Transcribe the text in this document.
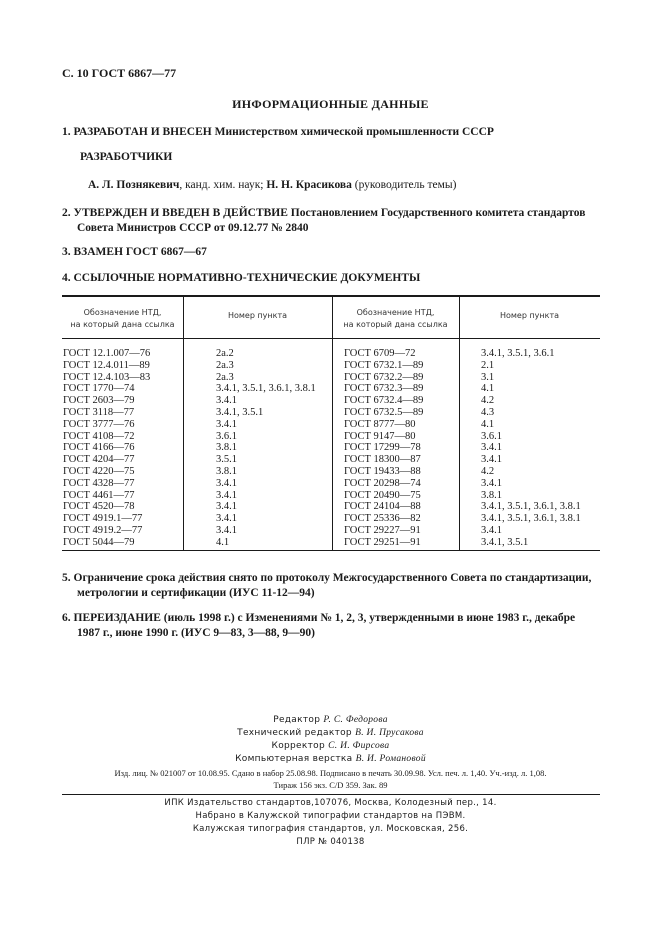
С. 10 ГОСТ 6867—77
ИНФОРМАЦИОННЫЕ ДАННЫЕ
1. РАЗРАБОТАН И ВНЕСЕН Министерством химической промышленности СССР
РАЗРАБОТЧИКИ
А. Л. Познякевич, канд. хим. наук; Н. Н. Красикова (руководитель темы)
2. УТВЕРЖДЕН И ВВЕДЕН В ДЕЙСТВИЕ Постановлением Государственного комитета стандартов
Совета Министров СССР от 09.12.77 № 2840
3. ВЗАМЕН ГОСТ 6867—67
4. ССЫЛОЧНЫЕ НОРМАТИВНО-ТЕХНИЧЕСКИЕ ДОКУМЕНТЫ
Обозначение НТД,
на который дана ссылка
Номер пункта	Обозначение НТД,
на который дана ссылка
Номер пункта
ГОСТ 12.1.007—76
ГОСТ 12.4.011—89
ГОСТ 12.4.103—83
ГОСТ 1770—74
ГОСТ 2603—79
ГОСТ 3118—77
ГОСТ 3777—76
ГОСТ 4108—72
ГОСТ 4166—76
ГОСТ 4204—77
ГОСТ 4220—75
ГОСТ 4328—77
ГОСТ 4461—77
ГОСТ 4520—78
ГОСТ 4919.1—77
ГОСТ 4919.2—77
ГОСТ 5044—79
2а.2
2а.3
2а.3
3.4.1, 3.5.1, 3.6.1, 3.8.1
3.4.1
3.4.1, 3.5.1
3.4.1
3.6.1
3.8.1
3.5.1
3.8.1
3.4.1
3.4.1
3.4.1
3.4.1
3.4.1
4.1
ГОСТ 6709—72
ГОСТ 6732.1—89
ГОСТ 6732.2—89
ГОСТ 6732.3—89
ГОСТ 6732.4—89
ГОСТ 6732.5—89
ГОСТ 8777—80
ГОСТ 9147—80
ГОСТ 17299—78
ГОСТ 18300—87
ГОСТ 19433—88
ГОСТ 20298—74
ГОСТ 20490—75
ГОСТ 24104—88
ГОСТ 25336—82
ГОСТ 29227—91
ГОСТ 29251—91
3.4.1, 3.5.1, 3.6.1
2.1
3.1
4.1
4.2
4.3
4.1
3.6.1
3.4.1
3.4.1
4.2
3.4.1
3.8.1
3.4.1, 3.5.1, 3.6.1, 3.8.1
3.4.1, 3.5.1, 3.6.1, 3.8.1
3.4.1
3.4.1, 3.5.1
5. Ограничение срока действия снято по протоколу Межгосударственного Совета по стандартизации,
метрологии и сертификации (ИУС 11-12—94)
6. ПЕРЕИЗДАНИЕ (июль 1998 г.) с Изменениями № 1, 2, 3, утвержденными в июне 1983 г., декабре
1987 г., июне 1990 г. (ИУС 9—83, 3—88, 9—90)
Редактор Р. С. Федорова
Технический редактор В. И. Прусакова
Корректор С. И. Фирсова
Компьютерная верстка В. И. Романовой
Изд. лиц. № 021007 от 10.08.95. Сдано в набор 25.08.98. Подписано в печать 30.09.98. Усл. печ. л. 1,40. Уч.-изд. л. 1,08.
Тираж 156 экз. С/D 359. Зак. 89
ИПК Издательство стандартов,107076, Москва, Колодезный пер., 14.
Набрано в Калужской типографии стандартов на ПЭВМ.
Калужская типография стандартов, ул. Московская, 256.
ПЛР № 040138
